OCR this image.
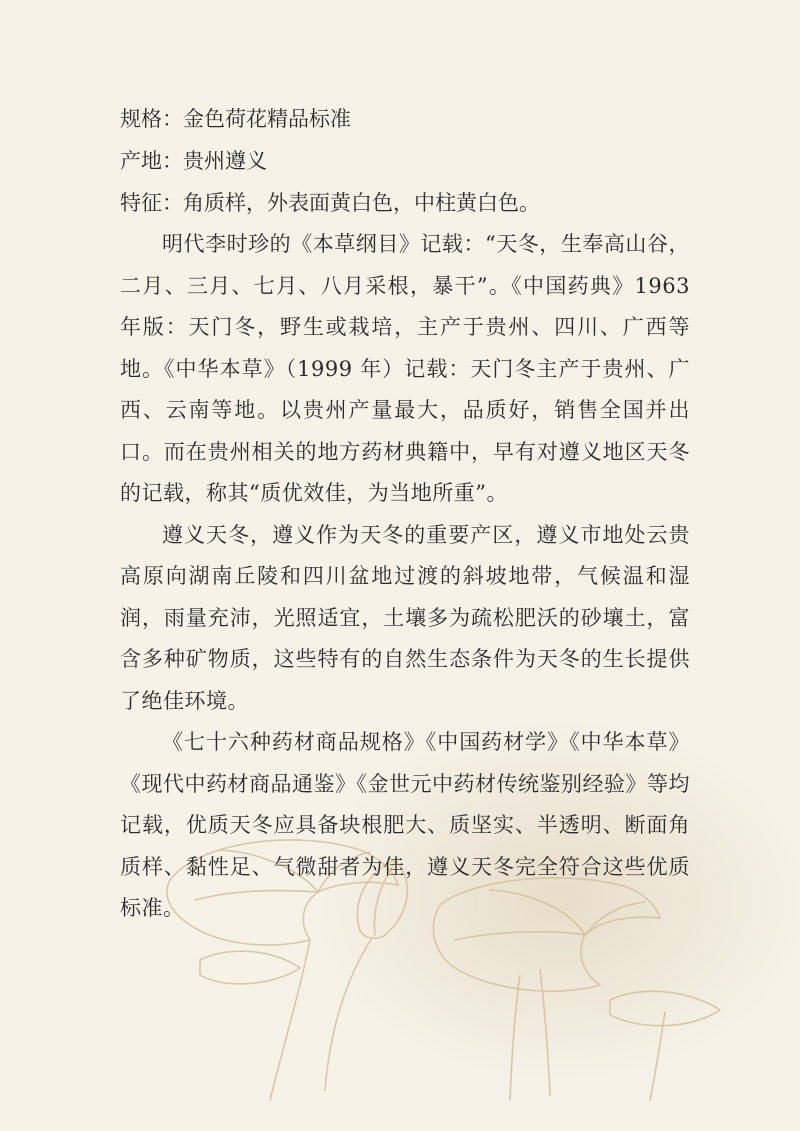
规格：金色荷花精品标准
产地：贵州遵义
特征：角质样，外表面黄白色，中柱黄白色。

明代李时珍的《本草纲目》记载：“天冬，生奉高山谷，二月、三月、七月、八月采根，暴干”。《中国药典》1963年版：天门冬，野生或栽培，主产于贵州、四川、广西等地。《中华本草》（1999 年）记载：天门冬主产于贵州、广西、云南等地。以贵州产量最大，品质好，销售全国并出口。而在贵州相关的地方药材典籍中，早有对遵义地区天冬的记载，称其“质优效佳，为当地所重”。

遵义天冬，遵义作为天冬的重要产区，遵义市地处云贵高原向湖南丘陵和四川盆地过渡的斜坡地带，气候温和湿润，雨量充沛，光照适宜，土壤多为疏松肥沃的砂壤土，富含多种矿物质，这些特有的自然生态条件为天冬的生长提供了绝佳环境。

《七十六种药材商品规格》《中国药材学》《中华本草》《现代中药材商品通鉴》《金世元中药材传统鉴别经验》等均记载，优质天冬应具备块根肥大、质坚实、半透明、断面角质样、黏性足、气微甜者为佳，遵义天冬完全符合这些优质标准。
